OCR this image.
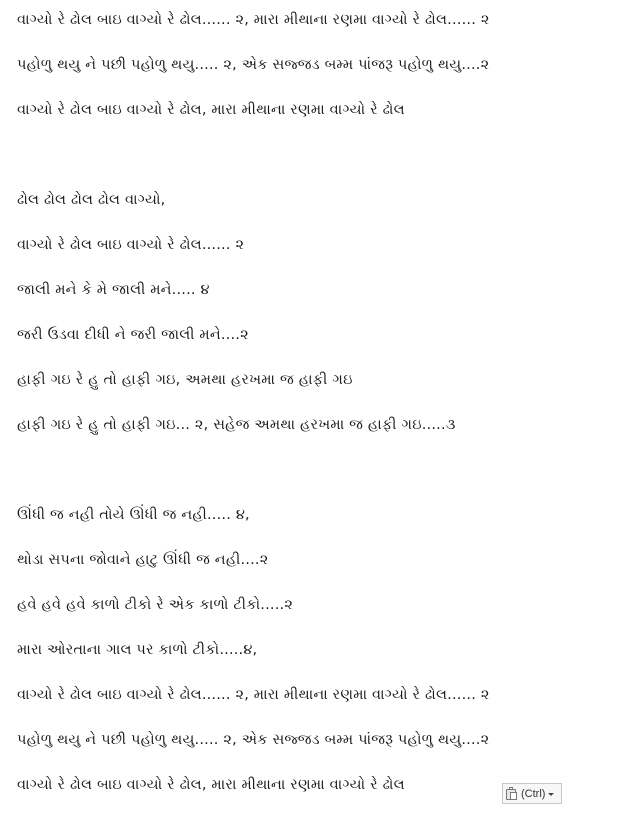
વાગ્યો રે ઢોલ બાઇ વાગ્યો રે ઢોલ...... ૨, મારા મીથાના રણમા વાગ્યો રે ઢોલ...... ૨
પહોળુ થયુ ને પછી પહોળુ થયુ..... ૨, એક સજ્જડ બમ્મ પાંજરૂ પહોળુ થયુ....૨
વાગ્યો રે ઢોલ બાઇ વાગ્યો રે ઢોલ, મારા મીથાના રણમા વાગ્યો રે ઢોલ
ઢોલ ઢોલ ઢોલ ઢોલ વાગ્યો,
વાગ્યો રે ઢોલ બાઇ વાગ્યો રે ઢોલ...... ૨
જાલી મને કે મે જાલી મને..... ૪
જરી ઉડવા દીધી ને જરી જાલી મને....૨
હાફી ગઇ રે હુ તો હાફી ગઇ, અમથા હરખમા જ હાફી ગઇ
હાફી ગઇ રે હુ તો હાફી ગઇ... ૨, સહેજ અમથા હરખમા જ હાફી ગઇ.....૩
ઊંધી જ નહી તોયે ઊંધી જ નહી..... ૪,
થોડા સપના જોવાને હાટુ ઊંધી જ નહી....૨
હવે હવે હવે કાળો ટીકો રે એક કાળો ટીકો.....૨
મારા ઓરતાના ગાલ પર કાળો ટીકો.....૪,
વાગ્યો રે ઢોલ બાઇ વાગ્યો રે ઢોલ...... ૨, મારા મીથાના રણમા વાગ્યો રે ઢોલ...... ૨
પહોળુ થયુ ને પછી પહોળુ થયુ..... ૨, એક સજ્જડ બમ્મ પાંજરૂ પહોળુ થયુ....૨
વાગ્યો રે ઢોલ બાઇ વાગ્યો રે ઢોલ, મારા મીથાના રણમા વાગ્યો રે ઢોલ
(Ctrl)
